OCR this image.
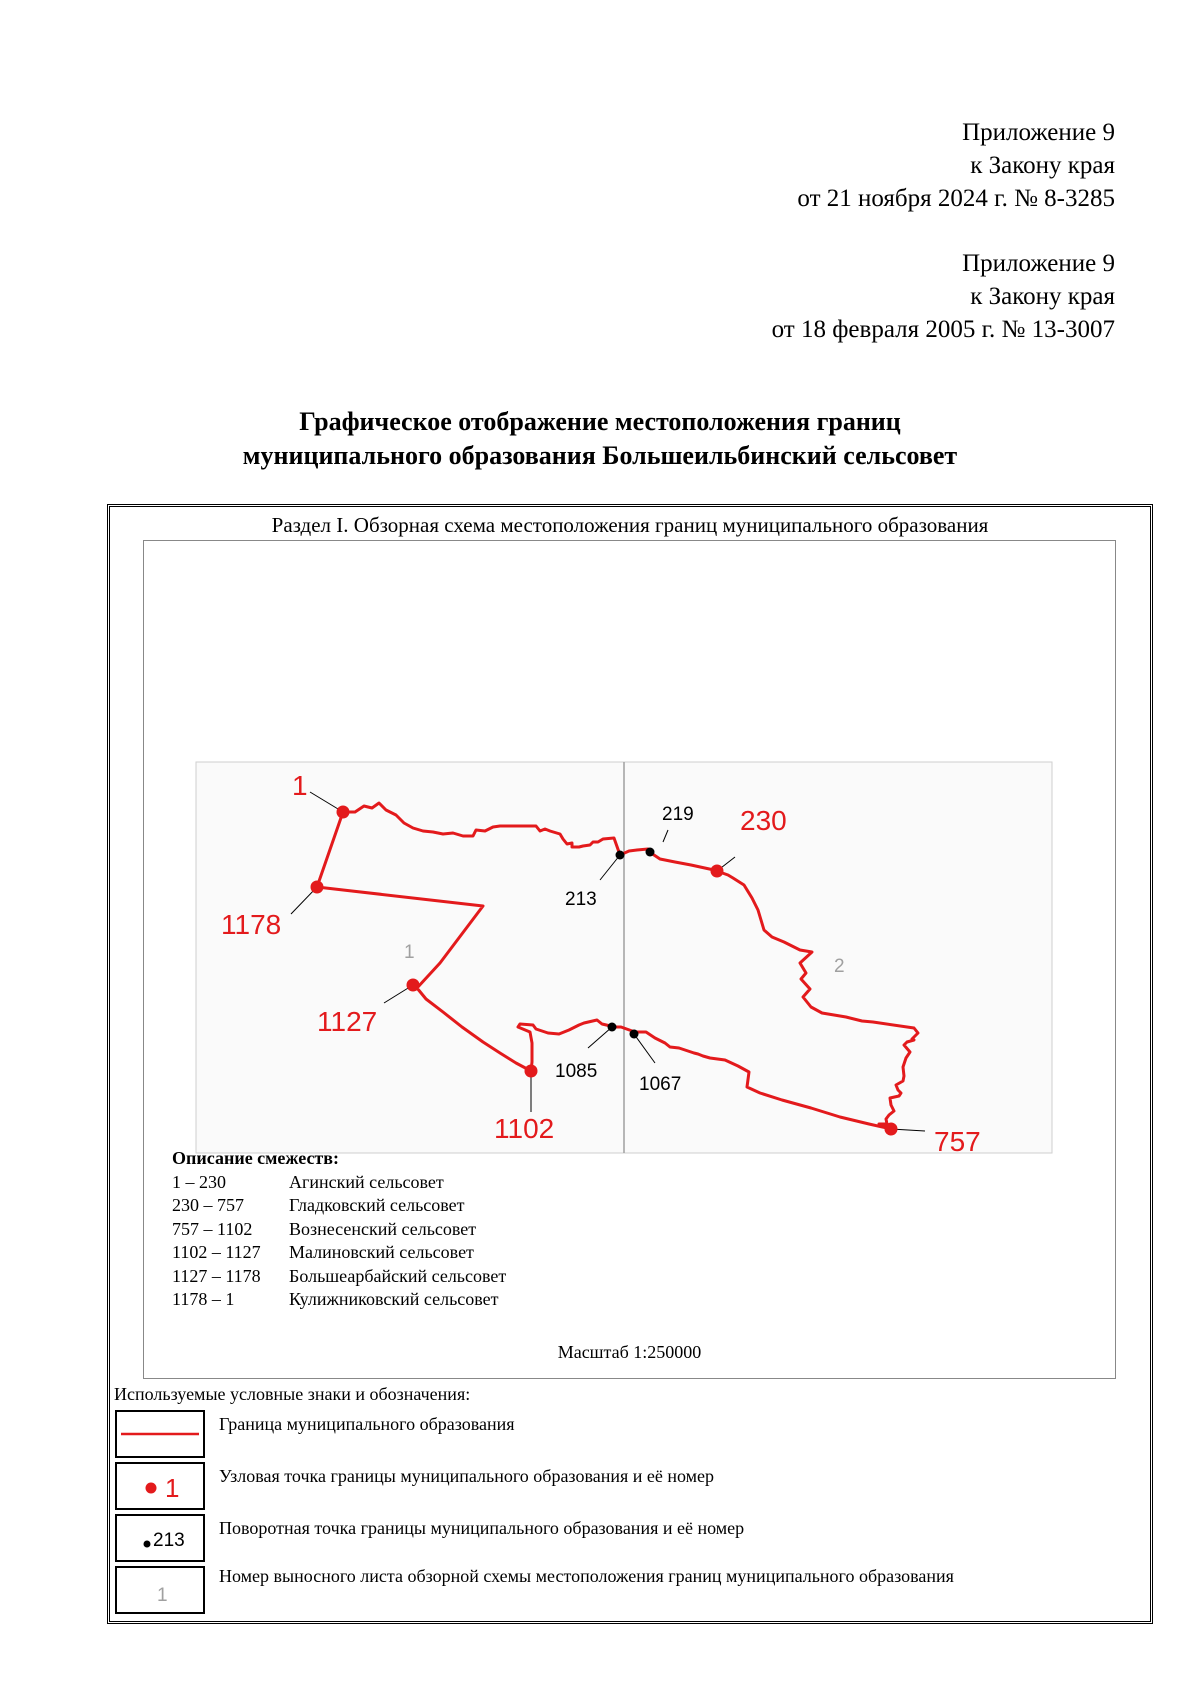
Приложение 9
к Закону края
от 21 ноября 2024 г. № 8-3285
Приложение 9
к Закону края
от 18 февраля 2005 г. № 13-3007
Графическое отображение местоположения границ
муниципального образования Большеильбинский сельсовет
Раздел I. Обзорная схема местоположения границ муниципального образования
1
1178
1127
1102	757
230
213
219
1085
1067
1
2
Описание смежеств:
1 – 230	Агинский сельсовет
230 – 757	Гладковский сельсовет
757 – 1102 Вознесенский сельсовет
1102 – 1127 Малиновский сельсовет
1127 – 1178 Большеарбайский сельсовет
1178 – 1	Кулижниковский сельсовет
Масштаб 1:250000
Используемые условные знаки и обозначения:
Граница муниципального образования
1 Узловая точка границы муниципального образования и её номер
213
Поворотная точка границы муниципального образования и её номер
1
Номер выносного листа обзорной схемы местоположения границ муниципального образования
